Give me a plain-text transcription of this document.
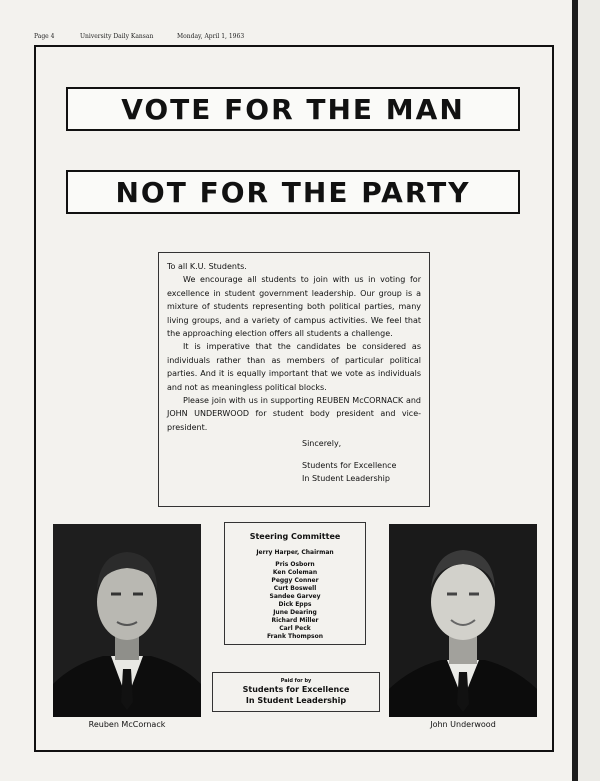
Page 4	University Daily Kansan	Monday, April 1, 1963
VOTE FOR THE MAN
NOT FOR THE PARTY

To all K.U. Students.

We encourage all students to join with us in voting for excellence in student government leadership. Our group is a mixture of students representing both political parties, many living groups, and a variety of campus activities. We feel that the approaching election offers all students a challenge.

It is imperative that the candidates be considered as individuals rather than as members of particular political parties. And it is equally important that we vote as individuals and not as meaningless political blocks.

Please join with us in supporting REUBEN McCORNACK and JOHN UNDERWOOD for student body president and vice-president.

Sincerely,

Students for Excellence

In Student Leadership

Reuben McCornack	John Underwood
Steering Committee
Jerry Harper, Chairman
Pris Osborn
Ken Coleman
Peggy Conner
Curt Boswell
Sandee Garvey
Dick Epps
June Dearing
Richard Miller
Carl Peck
Frank Thompson
Paid for by
Students for Excellence
In Student Leadership
